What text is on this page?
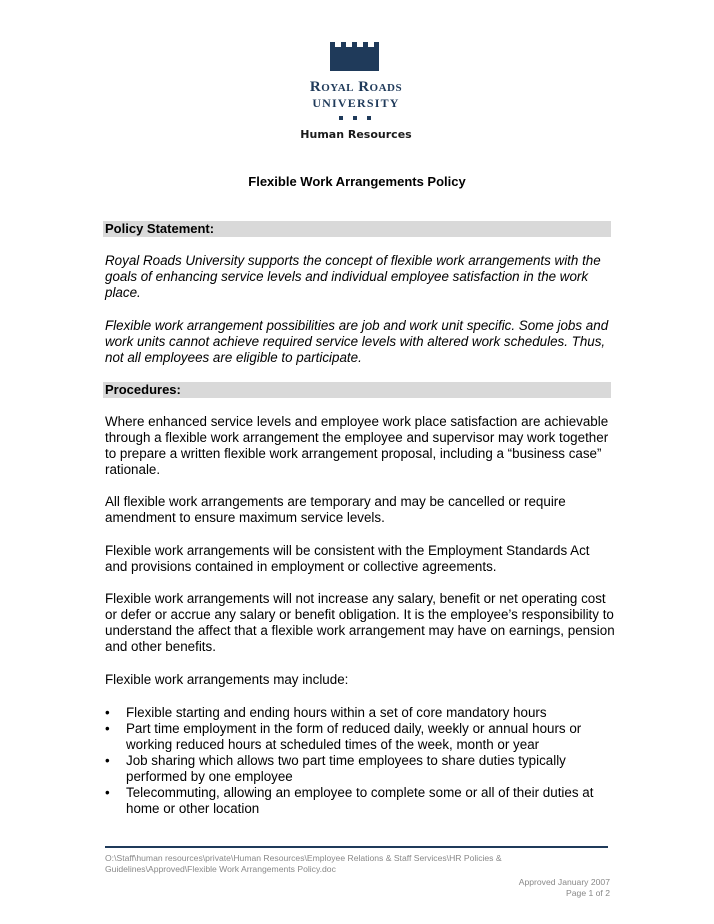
Royal Roads
UNIVERSITY
Human Resources
Flexible Work Arrangements Policy
Policy Statement:

Royal Roads University supports the concept of flexible work arrangements with the goals of enhancing service levels and individual employee satisfaction in the work place.

Flexible work arrangement possibilities are job and work unit specific. Some jobs and work units cannot achieve required service levels with altered work schedules. Thus, not all employees are eligible to participate.

Procedures:

Where enhanced service levels and employee work place satisfaction are achievable through a flexible work arrangement the employee and supervisor may work together to prepare a written flexible work arrangement proposal, including a “business case” rationale.

All flexible work arrangements are temporary and may be cancelled or require amendment to ensure maximum service levels.

Flexible work arrangements will be consistent with the Employment Standards Act and provisions contained in employment or collective agreements.

Flexible work arrangements will not increase any salary, benefit or net operating cost or defer or accrue any salary or benefit obligation. It is the employee’s responsibility to understand the affect that a flexible work arrangement may have on earnings, pension and other benefits.

Flexible work arrangements may include:

• Flexible starting and ending hours within a set of core mandatory hours
• Part time employment in the form of reduced daily, weekly or annual hours or working reduced hours at scheduled times of the week, month or year
• Job sharing which allows two part time employees to share duties typically performed by one employee
• Telecommuting, allowing an employee to complete some or all of their duties at home or other location
O:\Staff\human resources\private\Human Resources\Employee Relations & Staff Services\HR Policies & Guidelines\Approved\Flexible Work Arrangements Policy.doc
Approved January 2007
Page 1 of 2
